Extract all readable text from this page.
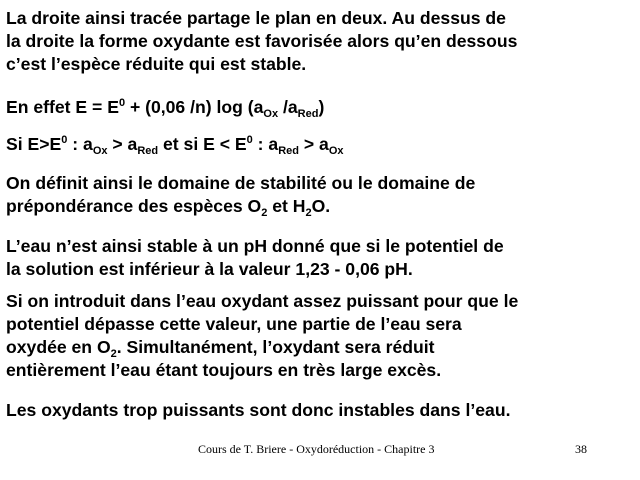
La droite ainsi tracée partage le plan en deux. Au dessus de
la droite la forme oxydante est favorisée alors qu’en dessous
c’est l’espèce réduite qui est stable.

En effet $E = E^0 + (0,06$ /n) $\log (a_{Ox}$ $/a_{Red}$)

Si $E>E^0$ : $a_{Ox} > a_{Red}$ et si $E < E^0$ : $a_{Red} > a_{Ox}$

On définit ainsi le domaine de stabilité ou le domaine de
prépondérance des espèces $O_2$ et $H_2O$.

L’eau n’est ainsi stable à un pH donné que si le potentiel de
la solution est inférieur à la valeur 1,23 - 0,06 pH.

Si on introduit dans l’eau oxydant assez puissant pour que le
potentiel dépasse cette valeur, une partie de l’eau sera
oxydée en $O_2$. Simultanément, l’oxydant sera réduit
entièrement l’eau étant toujours en très large excès.

Les oxydants trop puissants sont donc instables dans l’eau.

Cours de T. Briere - Oxydoréduction - Chapitre 3	38
